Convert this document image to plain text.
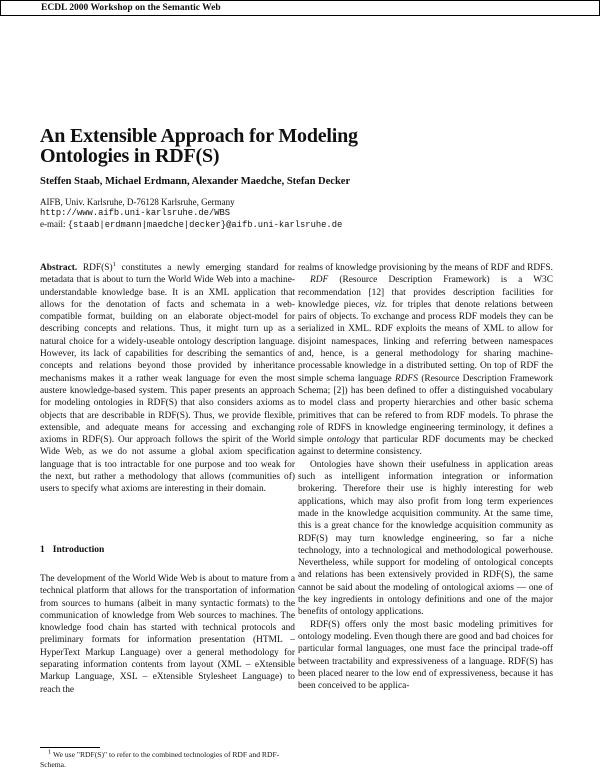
ECDL 2000 Workshop on the Semantic Web
An Extensible Approach for Modeling
Ontologies in RDF(S)
Steffen Staab, Michael Erdmann, Alexander Maedche, Stefan Decker
AIFB, Univ. Karlsruhe, D-76128 Karlsruhe, Germany
http://www.aifb.uni-karlsruhe.de/WBS
e-mail: {staab|erdmann|maedche|decker}@aifb.uni-karlsruhe.de

Abstract. $RDF(S)^1$ constitutes a newly emerging standard for metadata that is about to turn the World Wide Web into a machine-understandable knowledge base. It is an XML application that allows for the denotation of facts and schemata in a web-compatible format, building on an elaborate object-model for describing concepts and relations. Thus, it might turn up as a natural choice for a widely-useable ontology description language. However, its lack of capabilities for describing the semantics of concepts and relations beyond those provided by inheritance mechanisms makes it a rather weak language for even the most austere knowledge-based system. This paper presents an approach for modeling ontologies in RDF(S) that also considers axioms as objects that are describable in RDF(S). Thus, we provide flexible, extensible, and adequate means for accessing and exchanging axioms in RDF(S). Our approach follows the spirit of the World Wide Web, as we do not assume a global axiom specification language that is too intractable for one purpose and too weak for the next, but rather a methodology that allows (communities of) users to specify what axioms are interesting in their domain.

1 Introduction

The development of the World Wide Web is about to mature from a technical platform that allows for the transportation of information from sources to humans (albeit in many syntactic formats) to the communication of knowledge from Web sources to machines. The knowledge food chain has started with technical protocols and preliminary formats for information presentation (HTML – HyperText Markup Language) over a general methodology for separating information contents from layout (XML – eXtensible Markup Language, XSL – eXtensible Stylesheet Language) to reach the

$^1$ We use "RDF(S)" to refer to the combined technologies of RDF and RDF-Schema.

realms of knowledge provisioning by the means of RDF and RDFS.

RDF (Resource Description Framework) is a W3C recommendation [12] that provides description facilities for knowledge pieces, viz. for triples that denote relations between pairs of objects. To exchange and process RDF models they can be serialized in XML. RDF exploits the means of XML to allow for disjoint namespaces, linking and referring between namespaces and, hence, is a general methodology for sharing machine-processable knowledge in a distributed setting. On top of RDF the simple schema language RDFS (Resource Description Framework Schema; [2]) has been defined to offer a distinguished vocabulary to model class and property hierarchies and other basic schema primitives that can be refered to from RDF models. To phrase the role of RDFS in knowledge engineering terminology, it defines a simple ontology that particular RDF documents may be checked against to determine consistency.

Ontologies have shown their usefulness in application areas such as intelligent information integration or information brokering. Therefore their use is highly interesting for web applications, which may also profit from long term experiences made in the knowledge acquisition community. At the same time, this is a great chance for the knowledge acquisition community as RDF(S) may turn knowledge engineering, so far a niche technology, into a technological and methodological powerhouse. Nevertheless, while support for modeling of ontological concepts and relations has been extensively provided in RDF(S), the same cannot be said about the modeling of ontological axioms — one of the key ingredients in ontology definitions and one of the major benefits of ontology applications.

RDF(S) offers only the most basic modeling primitives for ontology modeling. Even though there are good and bad choices for particular formal languages, one must face the principal trade-off between tractability and expressiveness of a language. RDF(S) has been placed nearer to the low end of expressiveness, because it has been conceived to be applica-
